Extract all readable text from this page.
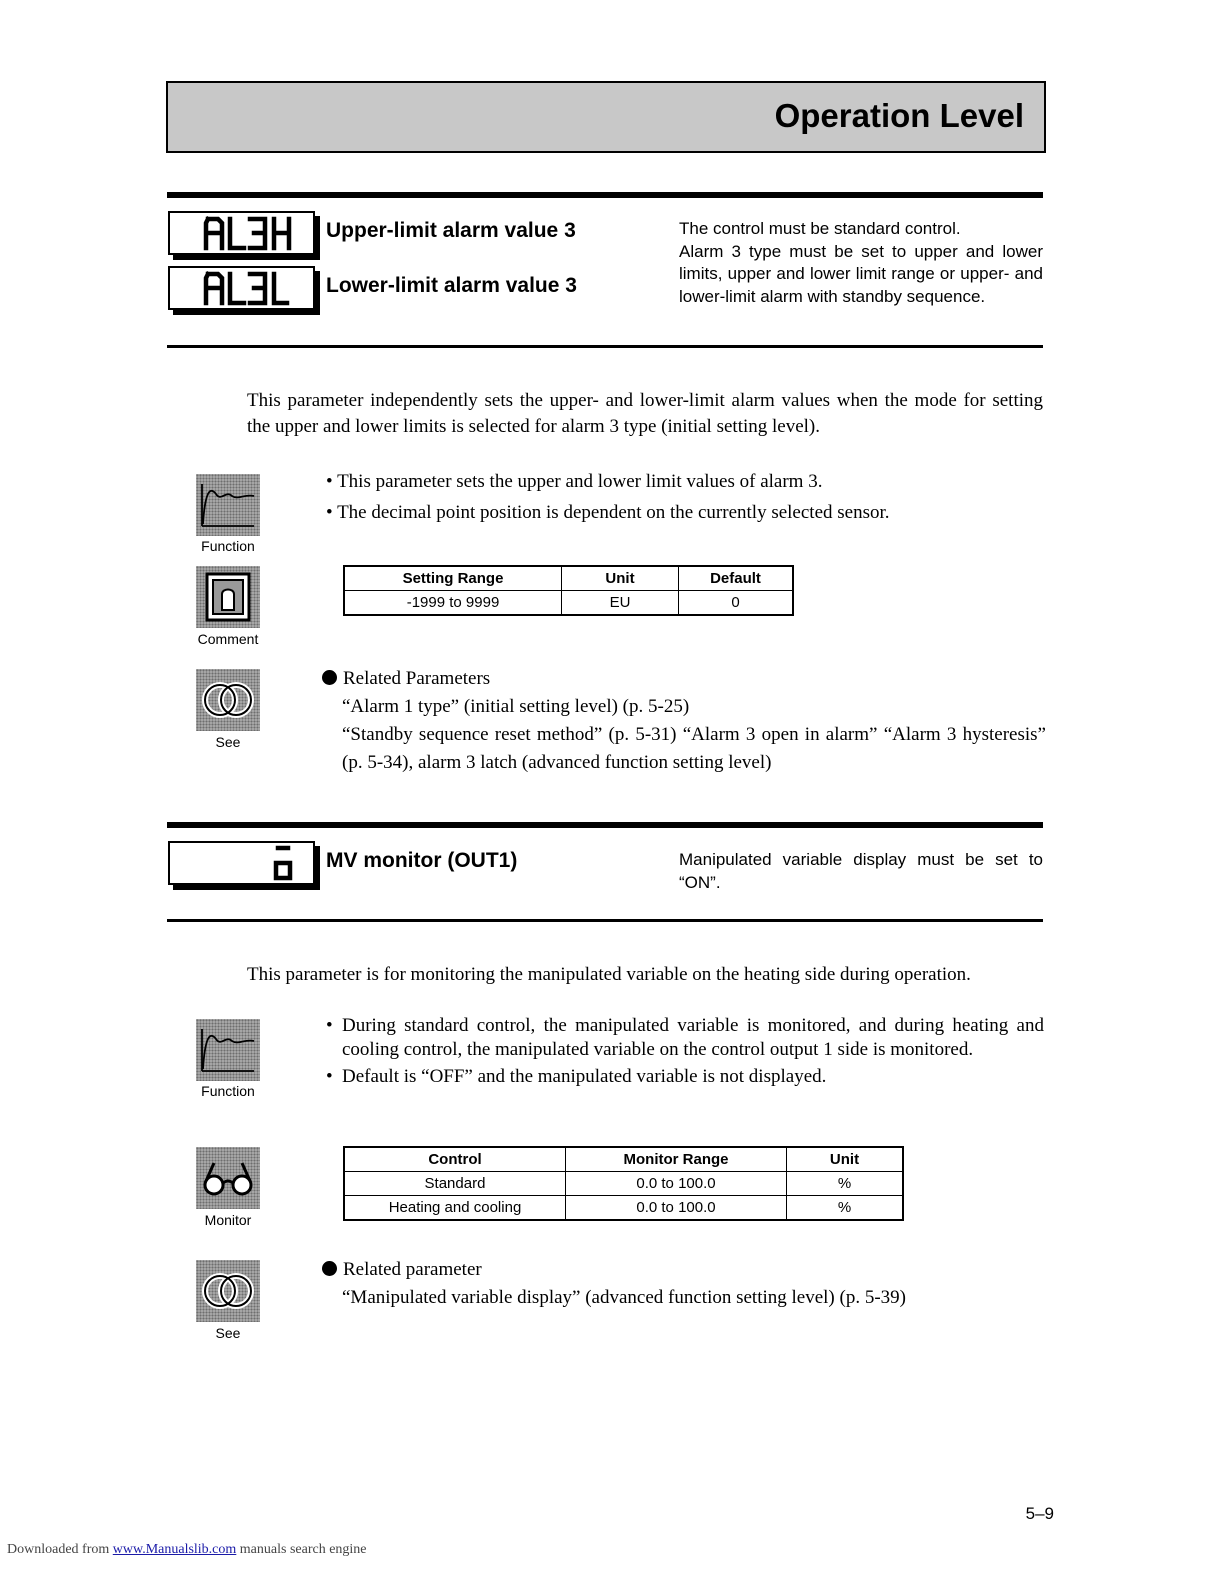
Operation Level
Upper-limit alarm value 3
Lower-limit alarm value 3
The control must be standard control.
Alarm 3 type must be set to upper and lower limits, upper and lower limit range or upper- and lower-limit alarm with standby sequence.
This parameter independently sets the upper- and lower-limit alarm values when the mode for setting the upper and lower limits is selected for alarm 3 type (initial setting level).
Function
• This parameter sets the upper and lower limit values of alarm 3.
• The decimal point position is dependent on the currently selected sensor.
Setting Range	Unit	Default
-1999 to 9999	EU	0
Comment
See
Related Parameters
“Alarm 1 type” (initial setting level) (p. 5-25)
“Standby sequence reset method” (p. 5-31) “Alarm 3 open in alarm” “Alarm 3 hysteresis” (p. 5-34), alarm 3 latch (advanced function setting level)
MV monitor (OUT1)	Manipulated variable display must be set to “ON”.
This parameter is for monitoring the manipulated variable on the heating side during operation.
Function
• During standard control, the manipulated variable is monitored, and during heating and cooling control, the manipulated variable on the control output 1 side is monitored.
• Default is “OFF” and the manipulated variable is not displayed.
Control	Monitor Range	Unit
Standard	0.0 to 100.0	%
Heating and cooling	0.0 to 100.0	%
Monitor
See
Related parameter
“Manipulated variable display” (advanced function setting level) (p. 5-39)
5–9
Downloaded from www.Manualslib.com manuals search engine
